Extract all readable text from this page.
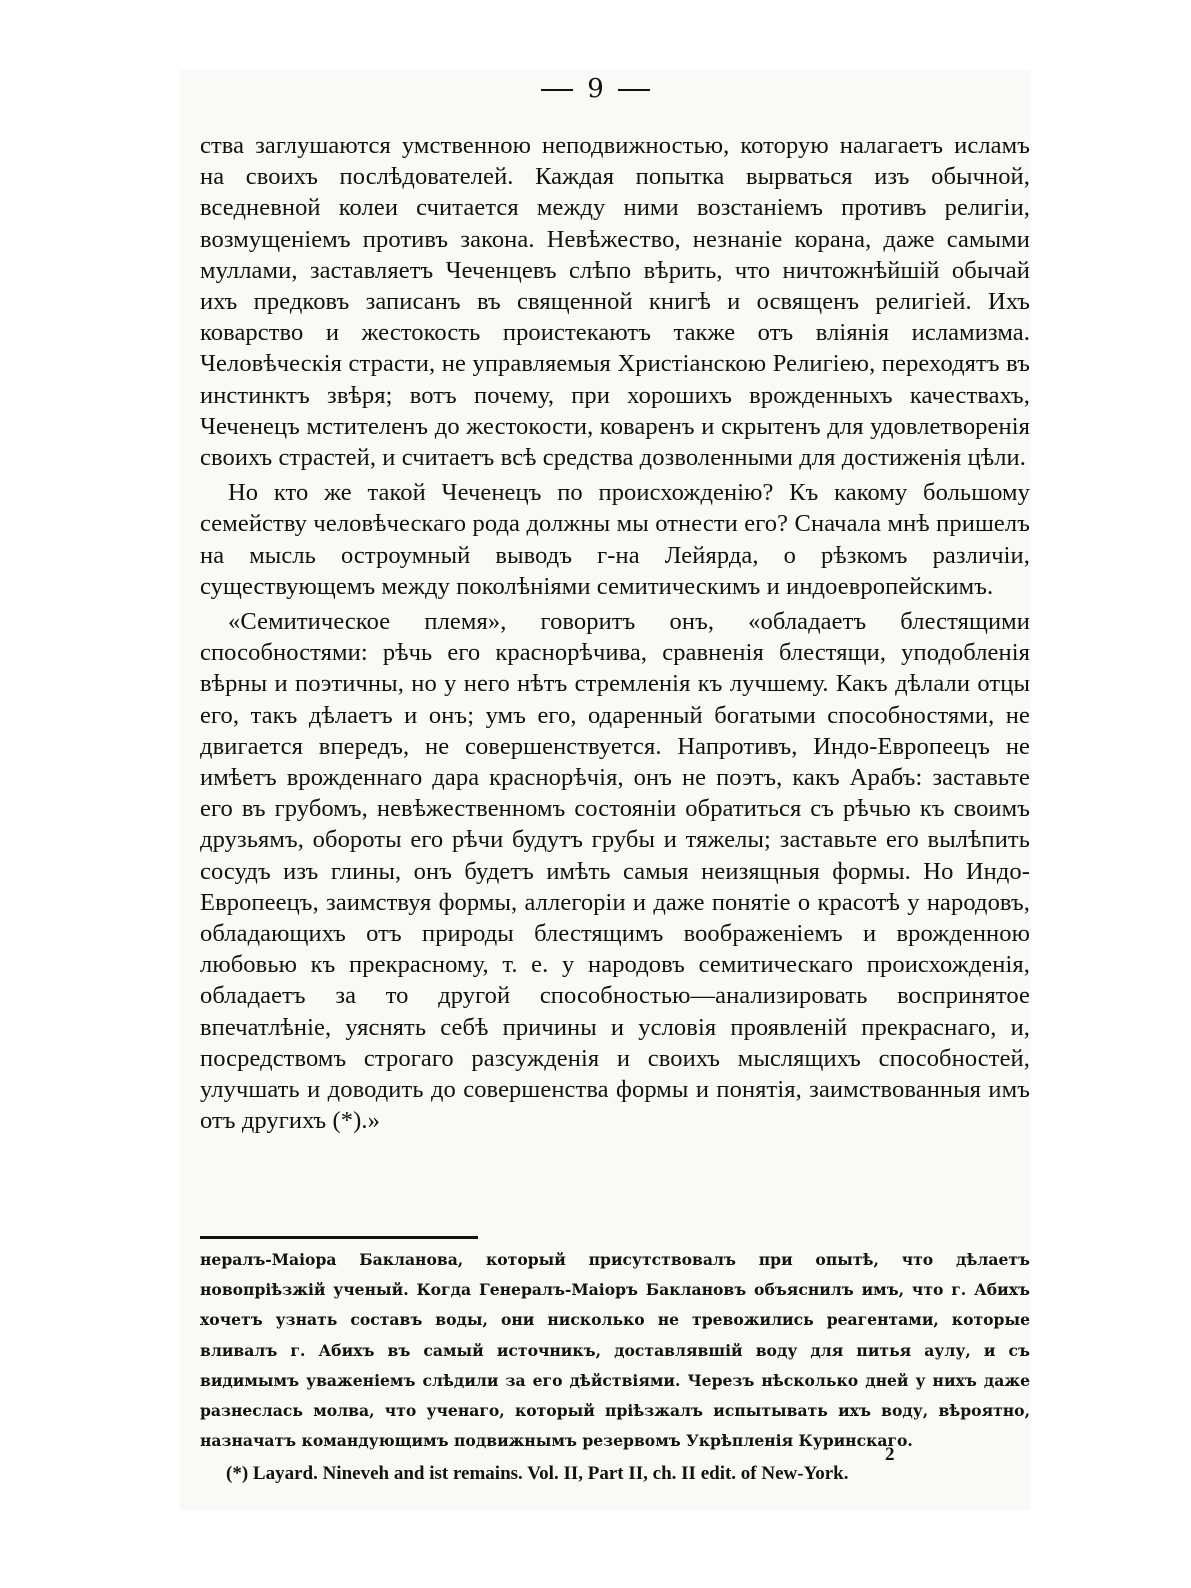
9

ства заглушаются умственною неподвижностью, которую налагаетъ исламъ на своихъ послѣдователей. Каждая попытка вырваться изъ обычной, вседневной колеи считается между ними возстаніемъ противъ религіи, возмущеніемъ противъ закона. Невѣжество, незнаніе корана, даже самыми муллами, заставляетъ Чеченцевъ слѣпо вѣрить, что ничтожнѣйшій обычай ихъ предковъ записанъ въ священной книгѣ и освященъ религіей. Ихъ коварство и жестокость проистекаютъ также отъ вліянія исламизма. Человѣческія страсти, не управляемыя Христіанскою Религіею, переходятъ въ инстинктъ звѣря; вотъ почему, при хорошихъ врожденныхъ качествахъ, Чеченецъ мстителенъ до жестокости, коваренъ и скрытенъ для удовлетворенія своихъ страстей, и считаетъ всѣ средства дозволенными для достиженія цѣли.

Но кто же такой Чеченецъ по происхожденію? Къ какому большому семейству человѣческаго рода должны мы отнести его? Сначала мнѣ пришелъ на мысль остроумный выводъ г-на Лейярда, о рѣзкомъ различіи, существующемъ между поколѣніями семитическимъ и индоевропейскимъ.

«Семитическое племя», говоритъ онъ, «обладаетъ блестящими способностями: рѣчь его краснорѣчива, сравненія блестящи, уподобленія вѣрны и поэтичны, но у него нѣтъ стремленія къ лучшему. Какъ дѣлали отцы его, такъ дѣлаетъ и онъ; умъ его, одаренный богатыми способностями, не двигается впередъ, не совершенствуется. Напротивъ, Индо-Европеецъ не имѣетъ врожденнаго дара краснорѣчія, онъ не поэтъ, какъ Арабъ: заставьте его въ грубомъ, невѣжественномъ состояніи обратиться съ рѣчью къ своимъ друзьямъ, обороты его рѣчи будутъ грубы и тяжелы; заставьте его вылѣпить сосудъ изъ глины, онъ будетъ имѣть самыя неизящныя формы. Но Индо-Европеецъ, заимствуя формы, аллегоріи и даже понятіе о красотѣ у народовъ, обладающихъ отъ природы блестящимъ воображеніемъ и врожденною любовью къ прекрасному, т. е. у народовъ семитическаго происхожденія, обладаетъ за то другой способностью—анализировать воспринятое впечатлѣніе, уяснять себѣ причины и условія проявленій прекраснаго, и, посредствомъ строгаго разсужденія и своихъ мыслящихъ способностей, улучшать и доводить до совершенства формы и понятія, заимствованныя имъ отъ другихъ (*).»

нералъ-Маіора Бакланова, который присутствовалъ при опытѣ, что дѣлаетъ новопріѣзжій ученый. Когда Генералъ-Маіоръ Баклановъ объяснилъ имъ, что г. Абихъ хочетъ узнать составъ воды, они нисколько не тревожились реагентами, которые вливалъ г. Абихъ въ самый источникъ, доставлявшій воду для питья аулу, и съ видимымъ уваженіемъ слѣдили за его дѣйствіями. Черезъ нѣсколько дней у нихъ даже разнеслась молва, что ученаго, который пріѣзжалъ испытывать ихъ воду, вѣроятно, назначатъ командующимъ подвижнымъ резервомъ Укрѣпленія Куринскаго.

(*) Layard. Nineveh and ist remains. Vol. II, Part II, ch. II edit. of New-York.

2
